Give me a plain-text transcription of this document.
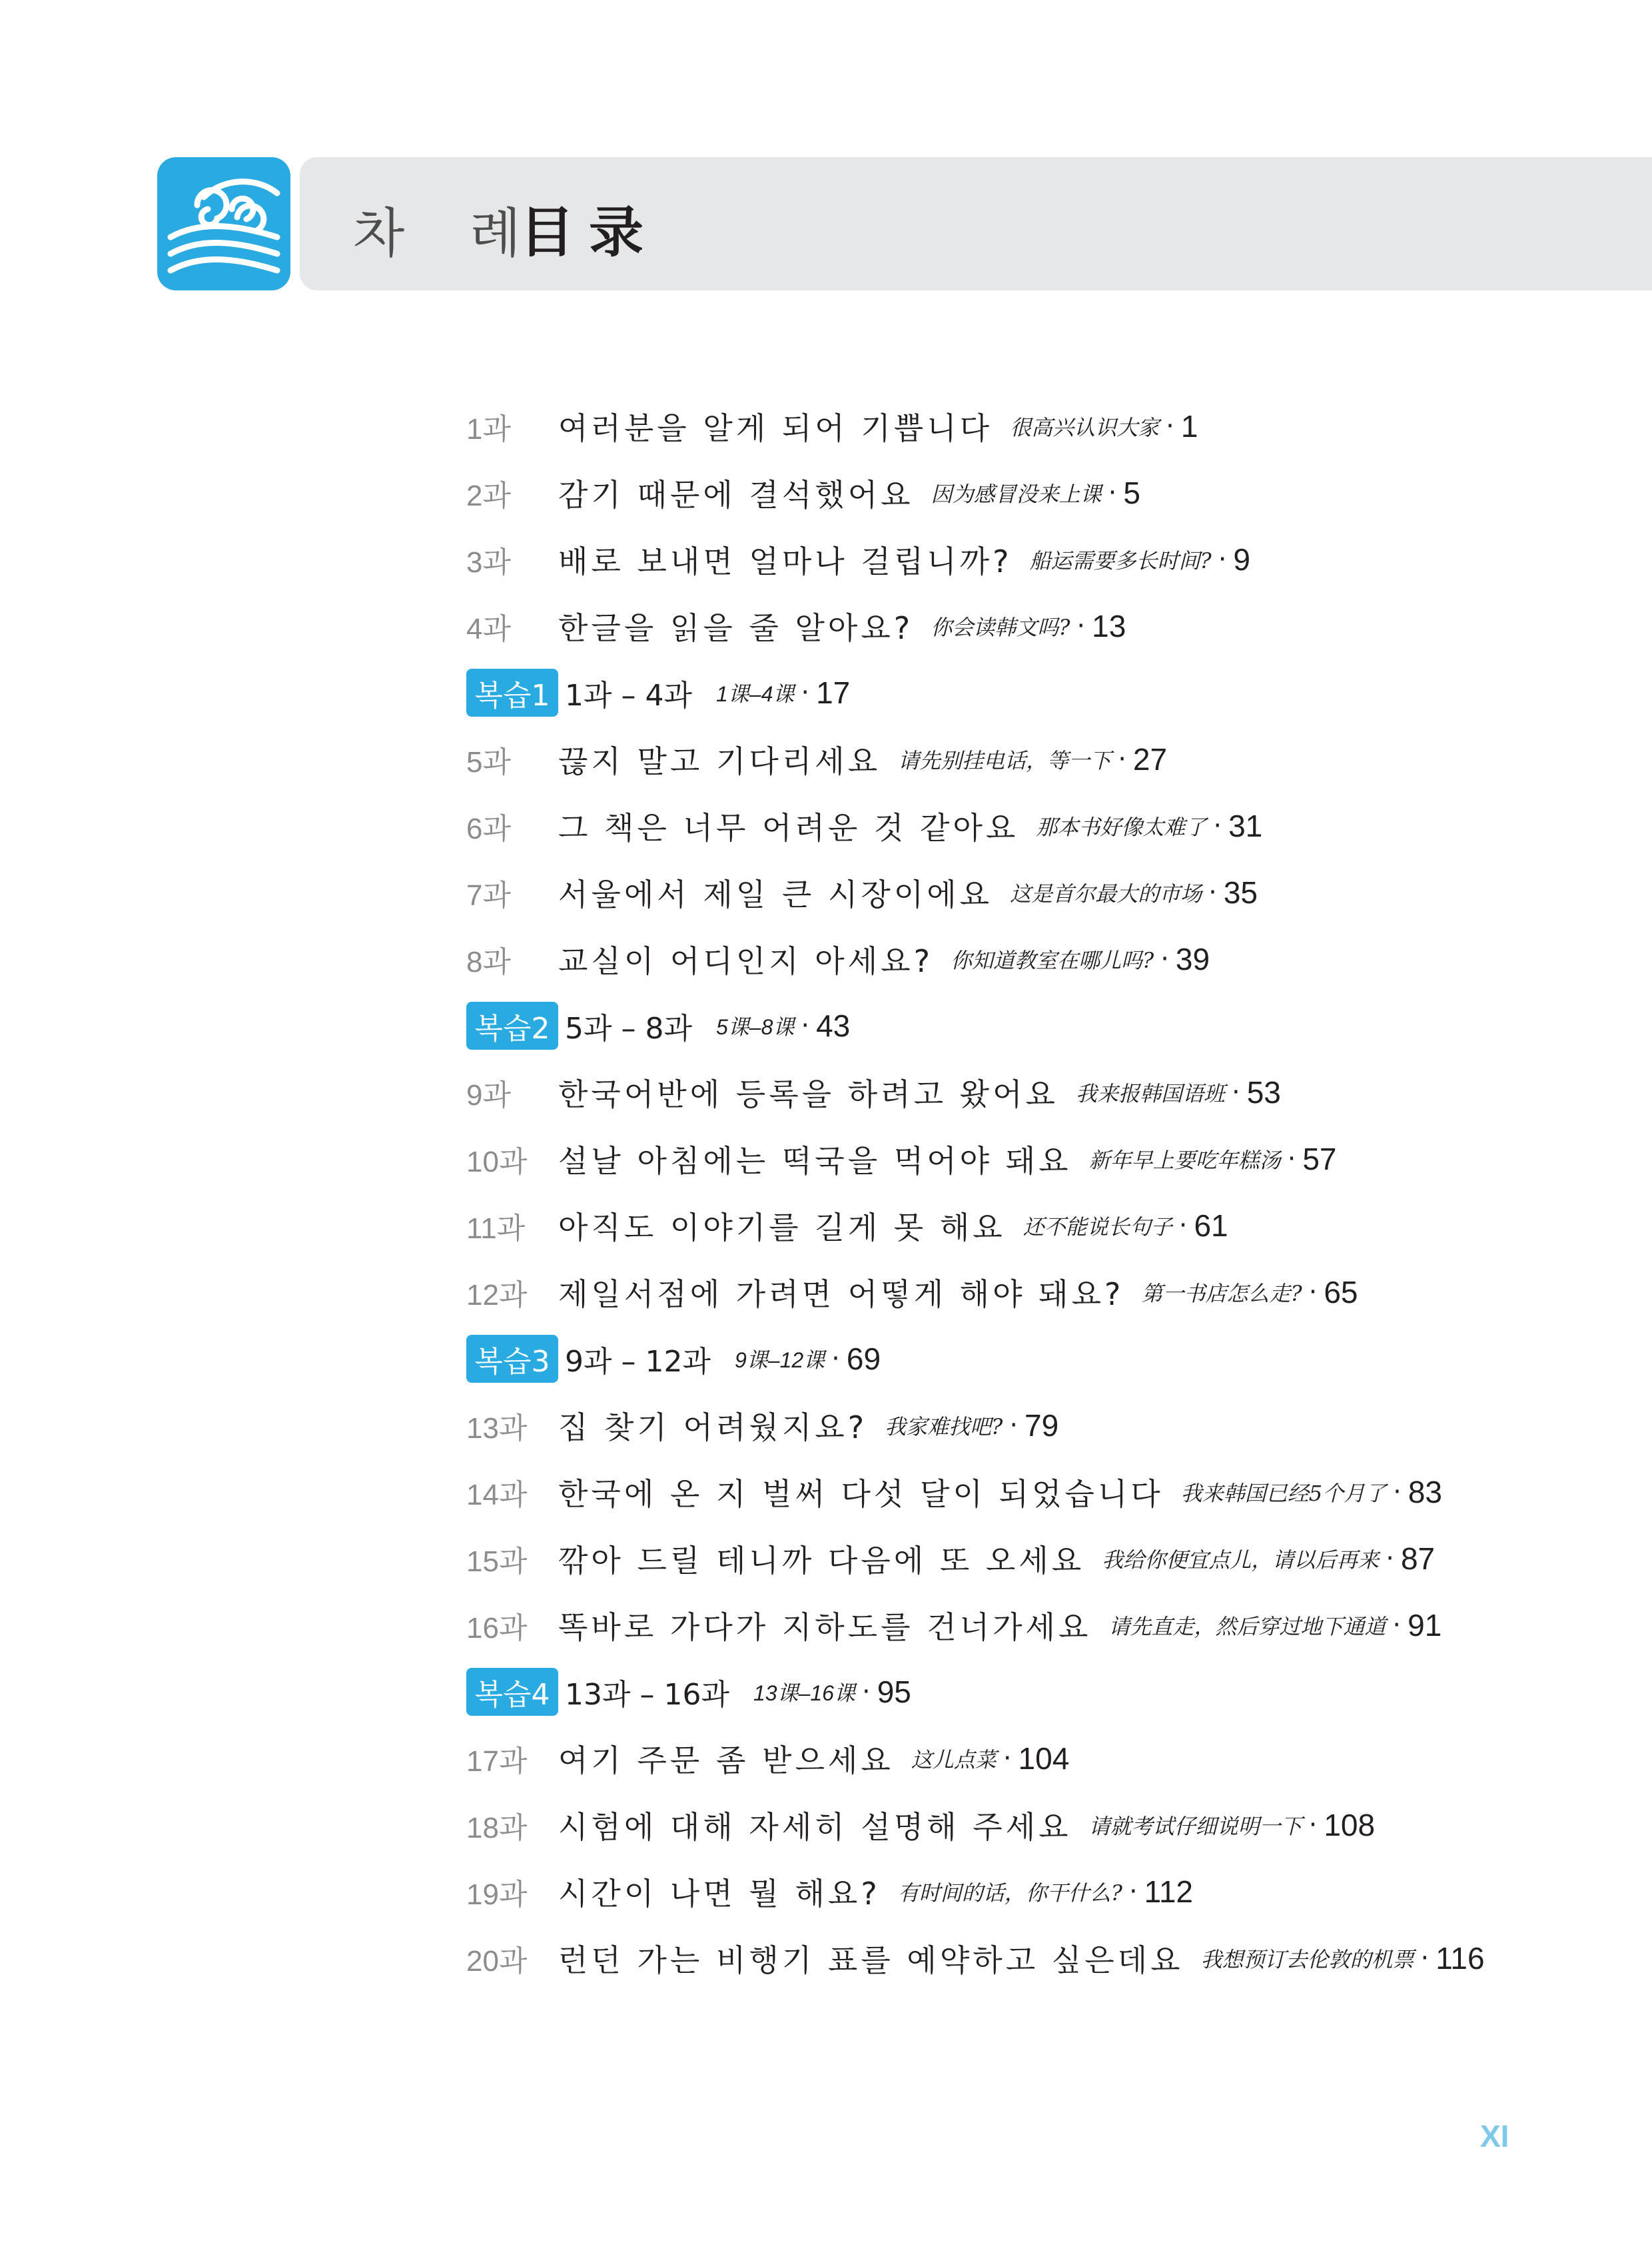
차 례
目录
1과	여러분을 알게 되어 기쁩니다 很高兴认识大家 · 1
2과	감기 때문에 결석했어요 因为感冒没来上课 · 5
3과	배로 보내면 얼마나 걸립니까? 船运需要多长时间? · 9
4과	한글을 읽을 줄 알아요? 你会读韩文吗? · 13
복습1 1과 – 4과 1课–4课 · 17
5과	끊지 말고 기다리세요 请先别挂电话，等一下 · 27
6과	그 책은 너무 어려운 것 같아요 那本书好像太难了 · 31
7과	서울에서 제일 큰 시장이에요 这是首尔最大的市场 · 35
8과	교실이 어디인지 아세요? 你知道教室在哪儿吗? · 39
복습2 5과 – 8과 5课–8课 · 43
9과	한국어반에 등록을 하려고 왔어요 我来报韩国语班 · 53
10과	설날 아침에는 떡국을 먹어야 돼요 新年早上要吃年糕汤 · 57
11과	아직도 이야기를 길게 못 해요 还不能说长句子 · 61
12과	제일서점에 가려면 어떻게 해야 돼요? 第一书店怎么走? · 65
복습3 9과 – 12과 9课–12课 · 69
13과	집 찾기 어려웠지요? 我家难找吧? · 79
14과	한국에 온 지 벌써 다섯 달이 되었습니다 我来韩国已经5个月了 · 83
15과	깎아 드릴 테니까 다음에 또 오세요 我给你便宜点儿，请以后再来 · 87
16과	똑바로 가다가 지하도를 건너가세요 请先直走，然后穿过地下通道 · 91
복습4 13과 – 16과 13课–16课 · 95
17과	여기 주문 좀 받으세요 这儿点菜 · 104
18과	시험에 대해 자세히 설명해 주세요 请就考试仔细说明一下 · 108
19과	시간이 나면 뭘 해요? 有时间的话，你干什么? · 112
20과	런던 가는 비행기 표를 예약하고 싶은데요 我想预订去伦敦的机票 · 116
XI
